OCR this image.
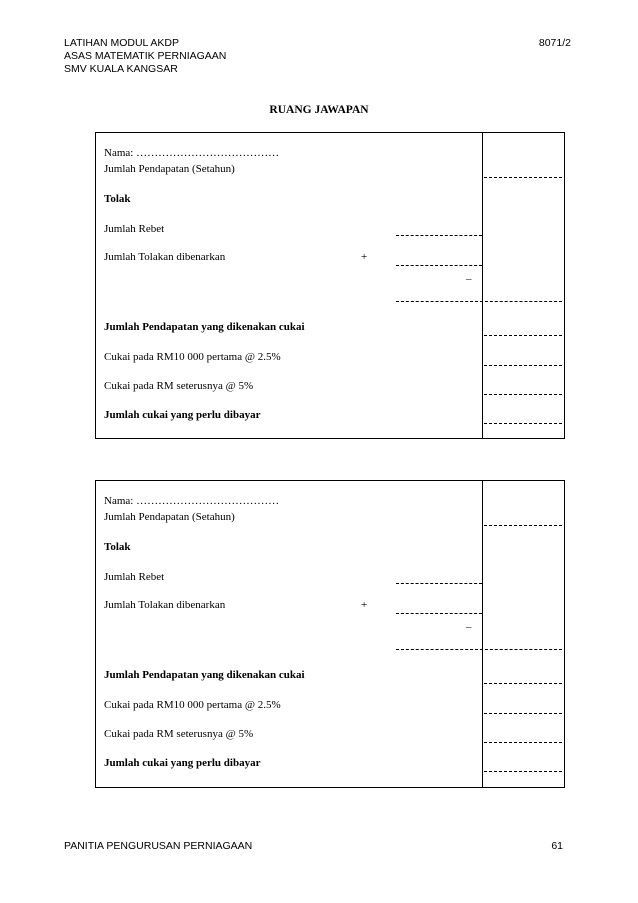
LATIHAN MODUL AKDP
ASAS MATEMATIK PERNIAGAAN
SMV KUALA KANGSAR
8071/2
RUANG JAWAPAN
Nama: …………………………………
Jumlah Pendapatan (Setahun)
Tolak
Jumlah Rebet
Jumlah Tolakan dibenarkan	+
–
Jumlah Pendapatan yang dikenakan cukai
Cukai pada RM10 000 pertama @ 2.5%
Cukai pada RM seterusnya @ 5%
Jumlah cukai yang perlu dibayar
Nama: …………………………………
Jumlah Pendapatan (Setahun)
Tolak
Jumlah Rebet
Jumlah Tolakan dibenarkan	+
–
Jumlah Pendapatan yang dikenakan cukai
Cukai pada RM10 000 pertama @ 2.5%
Cukai pada RM seterusnya @ 5%
Jumlah cukai yang perlu dibayar
PANITIA PENGURUSAN PERNIAGAAN	61
